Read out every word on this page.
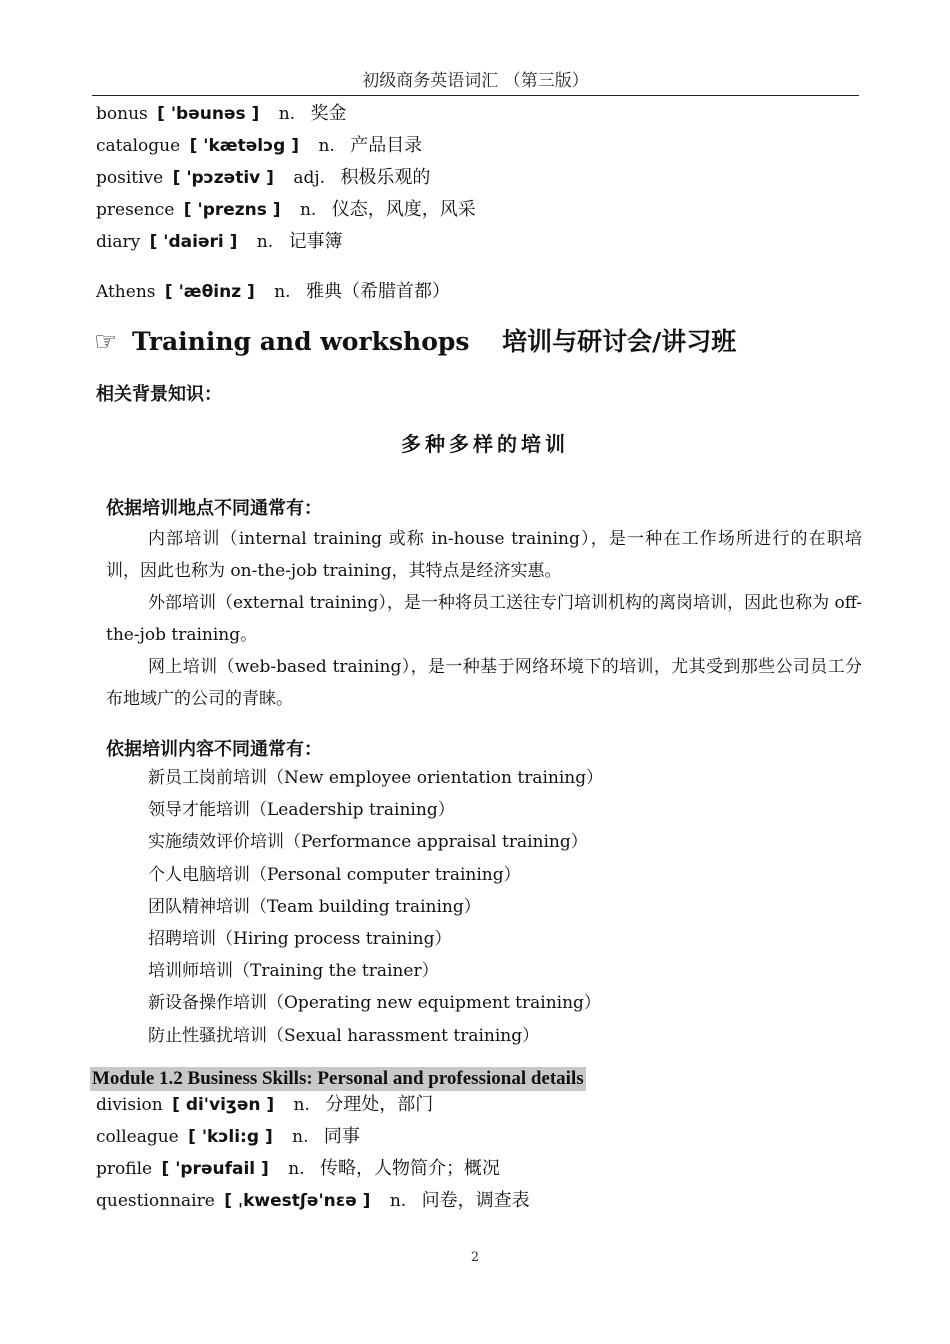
初级商务英语词汇 （第三版）
bonus [ 'bəunəs ] n. 奖金
catalogue [ 'kætəlɔg ] n. 产品目录
positive [ 'pɔzətiv ] adj. 积极乐观的
presence [ 'prezns ] n. 仪态，风度，风采
diary [ 'daiəri ] n. 记事簿
Athens [ 'æθinz ] n. 雅典（希腊首都）
☞ Training and workshops 培训与研讨会/讲习班
相关背景知识：
多种多样的培训
依据培训地点不同通常有：

内部培训（internal training 或称 in-house training），是一种在工作场所进行的在职培训，因此也称为 on-the-job training，其特点是经济实惠。

外部培训（external training），是一种将员工送往专门培训机构的离岗培训，因此也称为 off-the-job training。

网上培训（web-based training），是一种基于网络环境下的培训，尤其受到那些公司员工分布地域广的公司的青睐。

依据培训内容不同通常有：
新员工岗前培训（New employee orientation training）
领导才能培训（Leadership training）
实施绩效评价培训（Performance appraisal training）
个人电脑培训（Personal computer training）
团队精神培训（Team building training）
招聘培训（Hiring process training）
培训师培训（Training the trainer）
新设备操作培训（Operating new equipment training）
防止性骚扰培训（Sexual harassment training）
Module 1.2 Business Skills: Personal and professional details
division [ di'viʒən ] n. 分理处，部门
colleague [ 'kɔli:g ] n. 同事
profile [ 'prəufail ] n. 传略，人物简介；概况
questionnaire [ ˌkwestʃə'nεə ] n. 问卷，调查表
2
